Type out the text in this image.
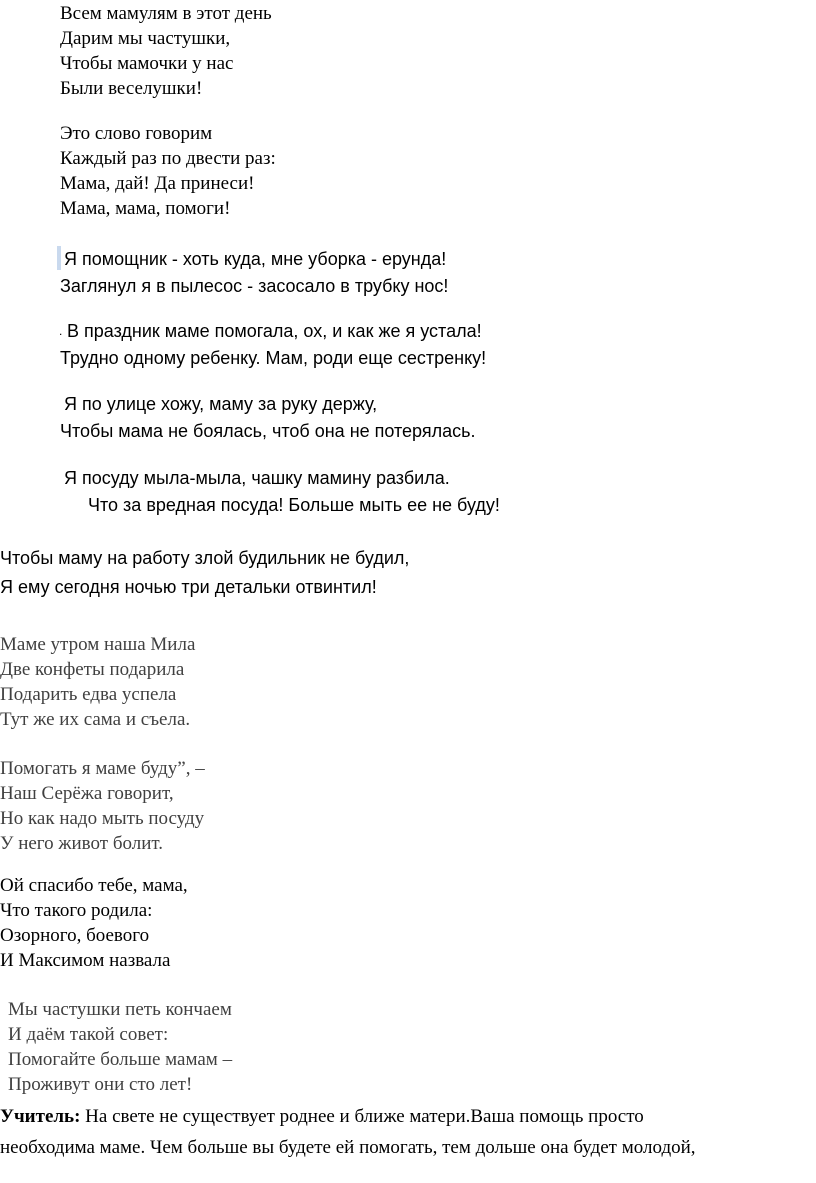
Всем мамулям в этот день
Дарим мы частушки,
Чтобы мамочки у нас
Были веселушки!
Это слово говорим
Каждый раз по двести раз:
Мама, дай! Да принеси!
Мама, мама, помоги!
Я помощник - хоть куда, мне уборка - ерунда!
Заглянул я в пылесос - засосало в трубку нос!
. В праздник маме помогала, ох, и как же я устала!
Трудно одному ребенку. Мам, роди еще сестренку!
Я по улице хожу, маму за руку держу,
Чтобы мама не боялась, чтоб она не потерялась.
Я посуду мыла-мыла, чашку мамину разбила.
Что за вредная посуда! Больше мыть ее не буду!
Чтобы маму на работу злой будильник не будил,
Я ему сегодня ночью три детальки отвинтил!
Маме утром наша Мила
Две конфеты подарила
Подарить едва успела
Тут же их сама и съела.
Помогать я маме буду”, –
Наш Серёжа говорит,
Но как надо мыть посуду
У него живот болит.
Ой спасибо тебе, мама,
Что такого родила:
Озорного, боевого
И Максимом назвала
Мы частушки петь кончаем
И даём такой совет:
Помогайте больше мамам –
Проживут они сто лет!
Учитель: На свете не существует роднее и ближе матери.Ваша помощь просто
необходима маме. Чем больше вы будете ей помогать, тем дольше она будет молодой,
